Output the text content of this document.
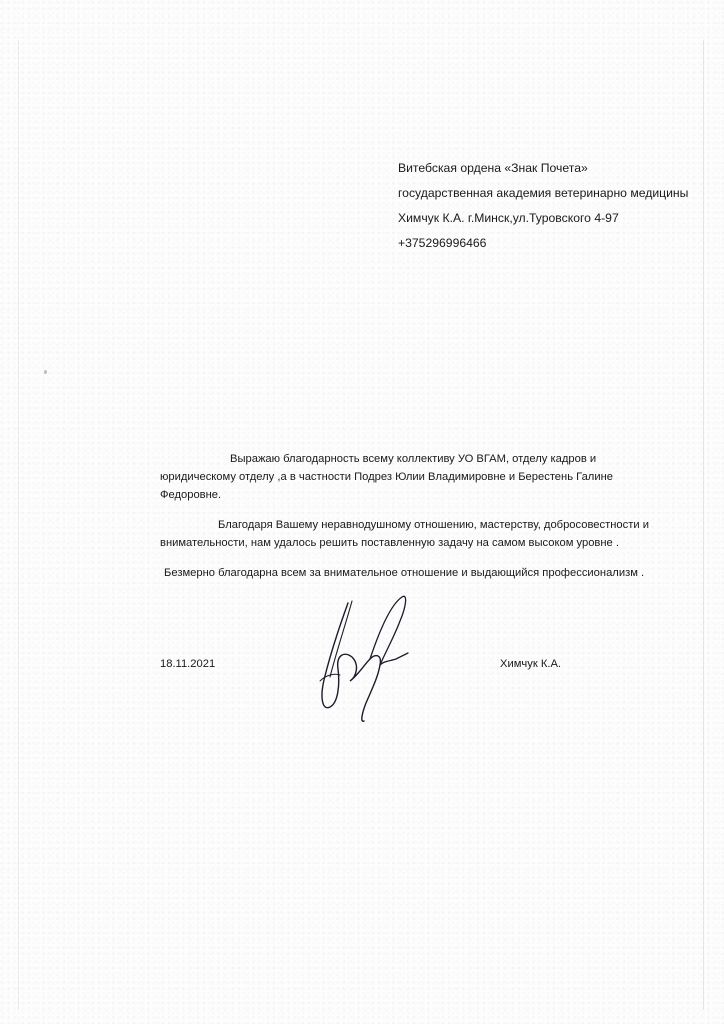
Витебская ордена «Знак Почета»
государственная академия ветеринарно медицины
Химчук К.А. г.Минск,ул.Туровского 4-97
+375296996466

Выражаю благодарность всему коллективу УО ВГАМ, отделу кадров и юридическому отделу ,а в частности Подрез Юлии Владимировне и Берестень Галине Федоровне.

Благодаря Вашему неравнодушному отношению, мастерству, добросовестности и внимательности, нам удалось решить поставленную задачу на самом высоком уровне .

Безмерно благодарна всем за внимательное отношение и выдающийся профессионализм .

18.11.2021	Химчук К.А.
